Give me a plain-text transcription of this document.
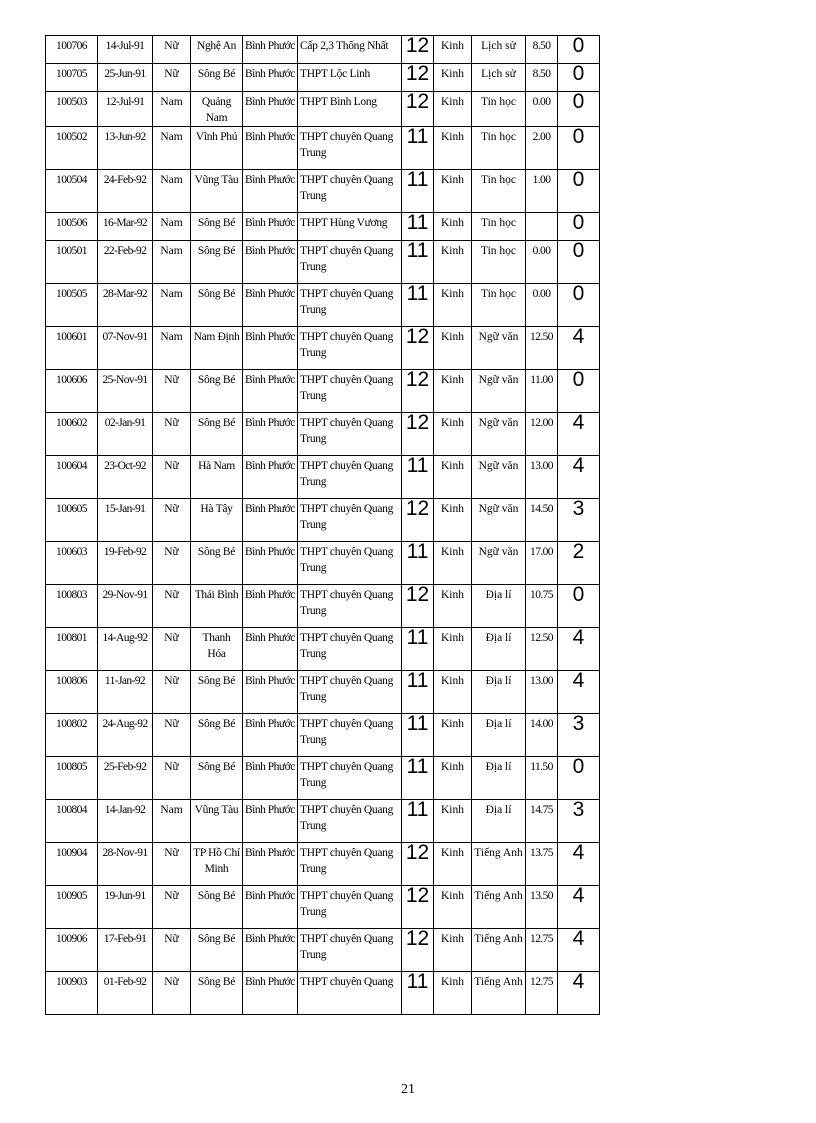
100706	14-Jul-91	Nữ	Nghệ An	Bình Phước	Cấp 2,3 Thống Nhất	12	Kinh	Lịch sử	8.50	0
100705	25-Jun-91	Nữ	Sông Bé	Bình Phước	THPT Lộc Linh	12	Kinh	Lịch sử	8.50	0
100503	12-Jul-91	Nam	Quảng Nam	Bình Phước	THPT Bình Long	12	Kinh	Tin học	0.00	0
100502	13-Jun-92	Nam	Vĩnh Phú	Bình Phước	THPT chuyên Quang Trung	11	Kinh	Tin học	2.00	0
100504	24-Feb-92	Nam	Vũng Tàu	Bình Phước	THPT chuyên Quang Trung	11	Kinh	Tin học	1.00	0
100506	16-Mar-92	Nam	Sông Bé	Bình Phước	THPT Hùng Vương	11	Kinh	Tin học		0
100501	22-Feb-92	Nam	Sông Bé	Bình Phước	THPT chuyên Quang Trung	11	Kinh	Tin học	0.00	0
100505	28-Mar-92	Nam	Sông Bé	Bình Phước	THPT chuyên Quang Trung	11	Kinh	Tin học	0.00	0
100601	07-Nov-91	Nam	Nam Định	Bình Phước	THPT chuyên Quang Trung	12	Kinh	Ngữ văn	12.50	4
100606	25-Nov-91	Nữ	Sông Bé	Bình Phước	THPT chuyên Quang Trung	12	Kinh	Ngữ văn	11.00	0
100602	02-Jan-91	Nữ	Sông Bé	Bình Phước	THPT chuyên Quang Trung	12	Kinh	Ngữ văn	12.00	4
100604	23-Oct-92	Nữ	Hà Nam	Bình Phước	THPT chuyên Quang Trung	11	Kinh	Ngữ văn	13.00	4
100605	15-Jan-91	Nữ	Hà Tây	Bình Phước	THPT chuyên Quang Trung	12	Kinh	Ngữ văn	14.50	3
100603	19-Feb-92	Nữ	Sông Bé	Bình Phước	THPT chuyên Quang Trung	11	Kinh	Ngữ văn	17.00	2
100803	29-Nov-91	Nữ	Thái Bình	Bình Phước	THPT chuyên Quang Trung	12	Kinh	Địa lí	10.75	0
100801	14-Aug-92	Nữ	Thanh Hóa	Bình Phước	THPT chuyên Quang Trung	11	Kinh	Địa lí	12.50	4
100806	11-Jan-92	Nữ	Sông Bé	Bình Phước	THPT chuyên Quang Trung	11	Kinh	Địa lí	13.00	4
100802	24-Aug-92	Nữ	Sông Bé	Bình Phước	THPT chuyên Quang Trung	11	Kinh	Địa lí	14.00	3
100805	25-Feb-92	Nữ	Sông Bé	Bình Phước	THPT chuyên Quang Trung	11	Kinh	Địa lí	11.50	0
100804	14-Jan-92	Nam	Vũng Tàu	Bình Phước	THPT chuyên Quang Trung	11	Kinh	Địa lí	14.75	3
100904	28-Nov-91	Nữ	TP Hồ Chí Minh	Bình Phước	THPT chuyên Quang Trung	12	Kinh	Tiếng Anh	13.75	4
100905	19-Jun-91	Nữ	Sông Bé	Bình Phước	THPT chuyên Quang Trung	12	Kinh	Tiếng Anh	13.50	4
100906	17-Feb-91	Nữ	Sông Bé	Bình Phước	THPT chuyên Quang Trung	12	Kinh	Tiếng Anh	12.75	4
100903	01-Feb-92	Nữ	Sông Bé	Bình Phước	THPT chuyên Quang	11	Kinh	Tiếng Anh	12.75	4
21
